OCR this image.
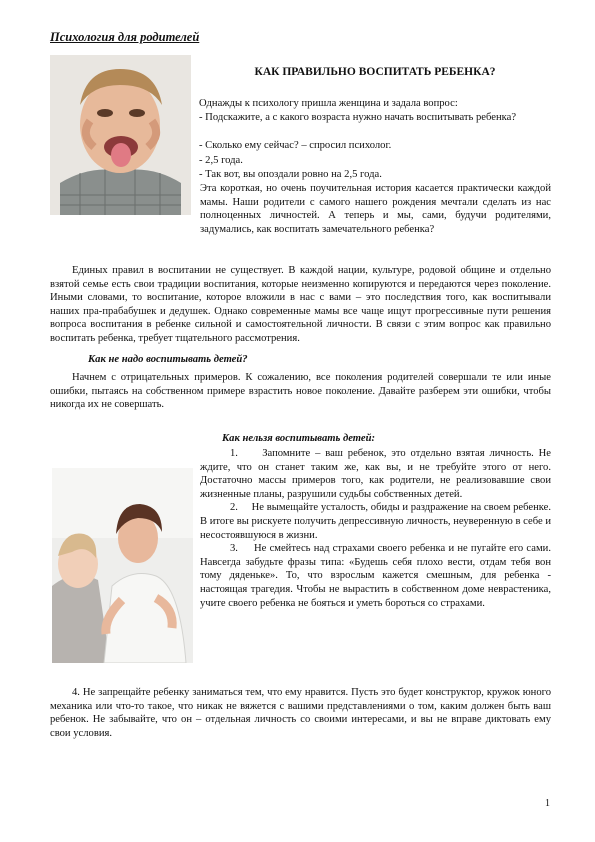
Психология для родителей
КАК ПРАВИЛЬНО ВОСПИТАТЬ РЕБЕНКА?

Однажды к психологу пришла женщина и задала вопрос:

- Подскажите, а с какого возраста нужно начать воспитывать ребенка?

- Сколько ему сейчас? – спросил психолог.

- 2,5 года.

- Так вот, вы опоздали ровно на 2,5 года.

Эта короткая, но очень поучительная история касается практически каждой мамы. Наши родители с самого нашего рождения мечтали сделать из нас полноценных личностей. А теперь и мы, сами, будучи родителями, задумались, как воспитать замечательного ребенка?

Единых правил в воспитании не существует. В каждой нации, культуре, родовой общине и отдельно взятой семье есть свои традиции воспитания, которые неизменно копируются и передаются через поколение. Иными словами, то воспитание, которое вложили в нас с вами – это последствия того, как воспитывали наших пра-прабабушек и дедушек. Однако современные мамы все чаще ищут прогрессивные пути решения вопроса воспитания в ребенке сильной и самостоятельной личности. В связи с этим вопрос как правильно воспитать ребенка, требует тщательного рассмотрения.

Как не надо воспитывать детей?

Начнем с отрицательных примеров. К сожалению, все поколения родителей совершали те или иные ошибки, пытаясь на собственном примере взрастить новое поколение. Давайте разберем эти ошибки, чтобы никогда их не совершать.

Как нельзя воспитывать детей:
1.     Запомните – ваш ребенок, это отдельно взятая личность. Не ждите, что он станет таким же, как вы, и не требуйте этого от него. Достаточно массы примеров того, как родители, не реализовавшие свои жизненные планы, разрушили судьбы собственных детей.
2.     Не вымещайте усталость, обиды и раздражение на своем ребенке. В итоге вы рискуете получить депрессивную личность, неуверенную в себе и несостоявшуюся в жизни.
3.     Не смейтесь над страхами своего ребенка и не пугайте его сами. Навсегда забудьте фразы типа: «Будешь себя плохо вести, отдам тебя вон тому дяденьке». То, что взрослым кажется смешным, для ребенка - настоящая трагедия. Чтобы не вырастить в собственном доме неврастеника, учите своего ребенка не бояться и уметь бороться со страхами.

4. Не запрещайте ребенку заниматься тем, что ему нравится. Пусть это будет конструктор, кружок юного механика или что-то такое, что никак не вяжется с вашими представлениями о том, каким должен быть ваш ребенок. Не забывайте, что он – отдельная личность со своими интересами, и вы не вправе диктовать ему свои условия.

1
